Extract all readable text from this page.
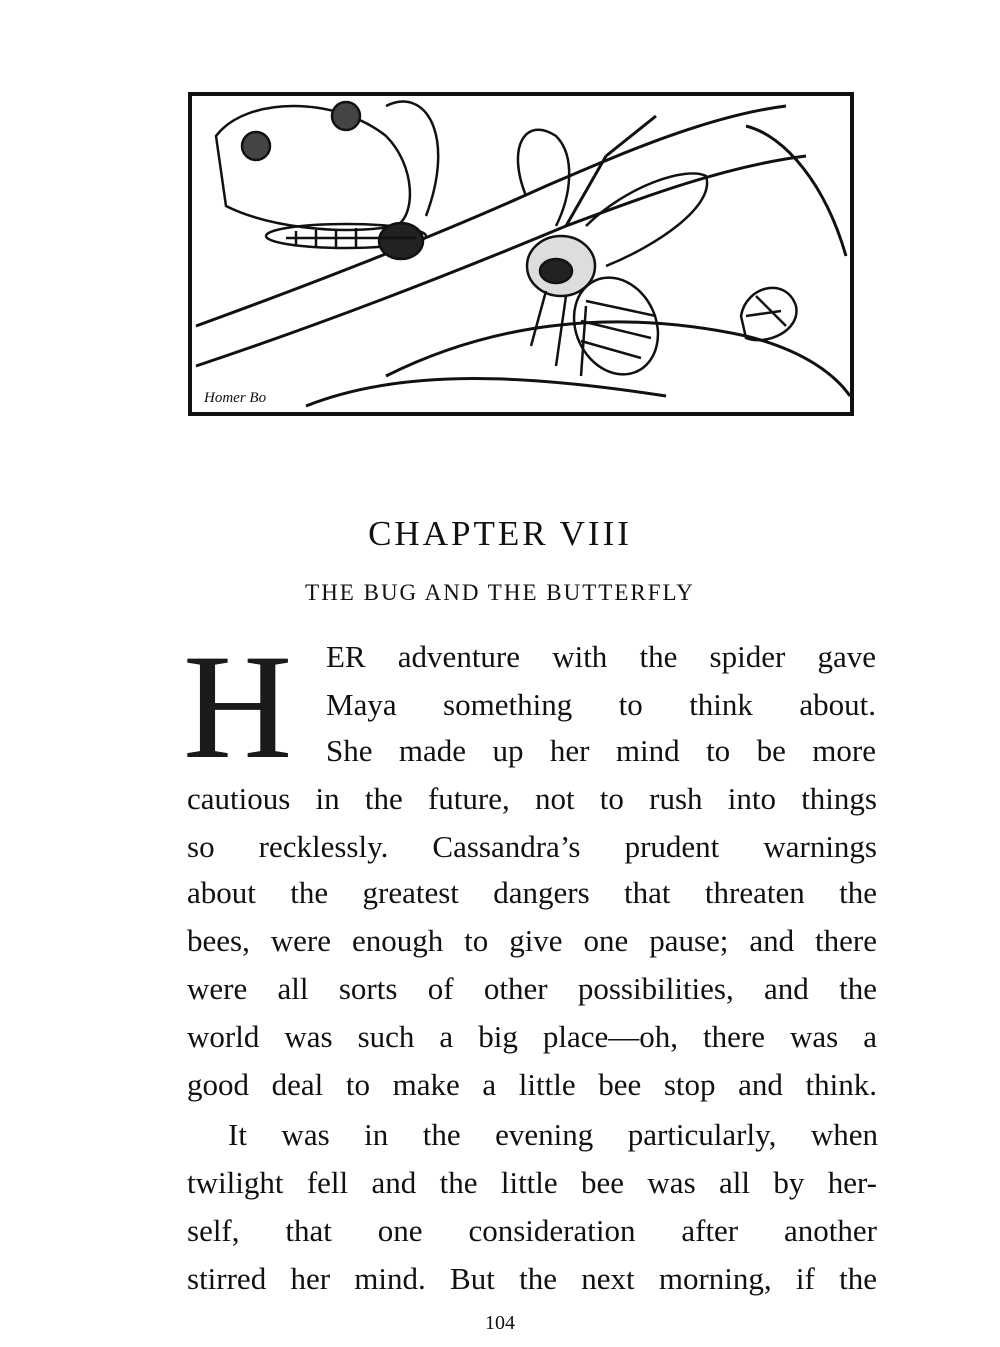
Homer Bo
CHAPTER VIII
THE BUG AND THE BUTTERFLY
H ER adventure with the spider gave
Maya something to think about.
She made up her mind to be more
cautious in the future, not to rush into things
so recklessly. Cassandra’s prudent warnings
about the greatest dangers that threaten the
bees, were enough to give one pause; and there
were all sorts of other possibilities, and the
world was such a big place—oh, there was a
good deal to make a little bee stop and think.
It was in the evening particularly, when
twilight fell and the little bee was all by her-
self, that one consideration after another
stirred her mind. But the next morning, if the
104
